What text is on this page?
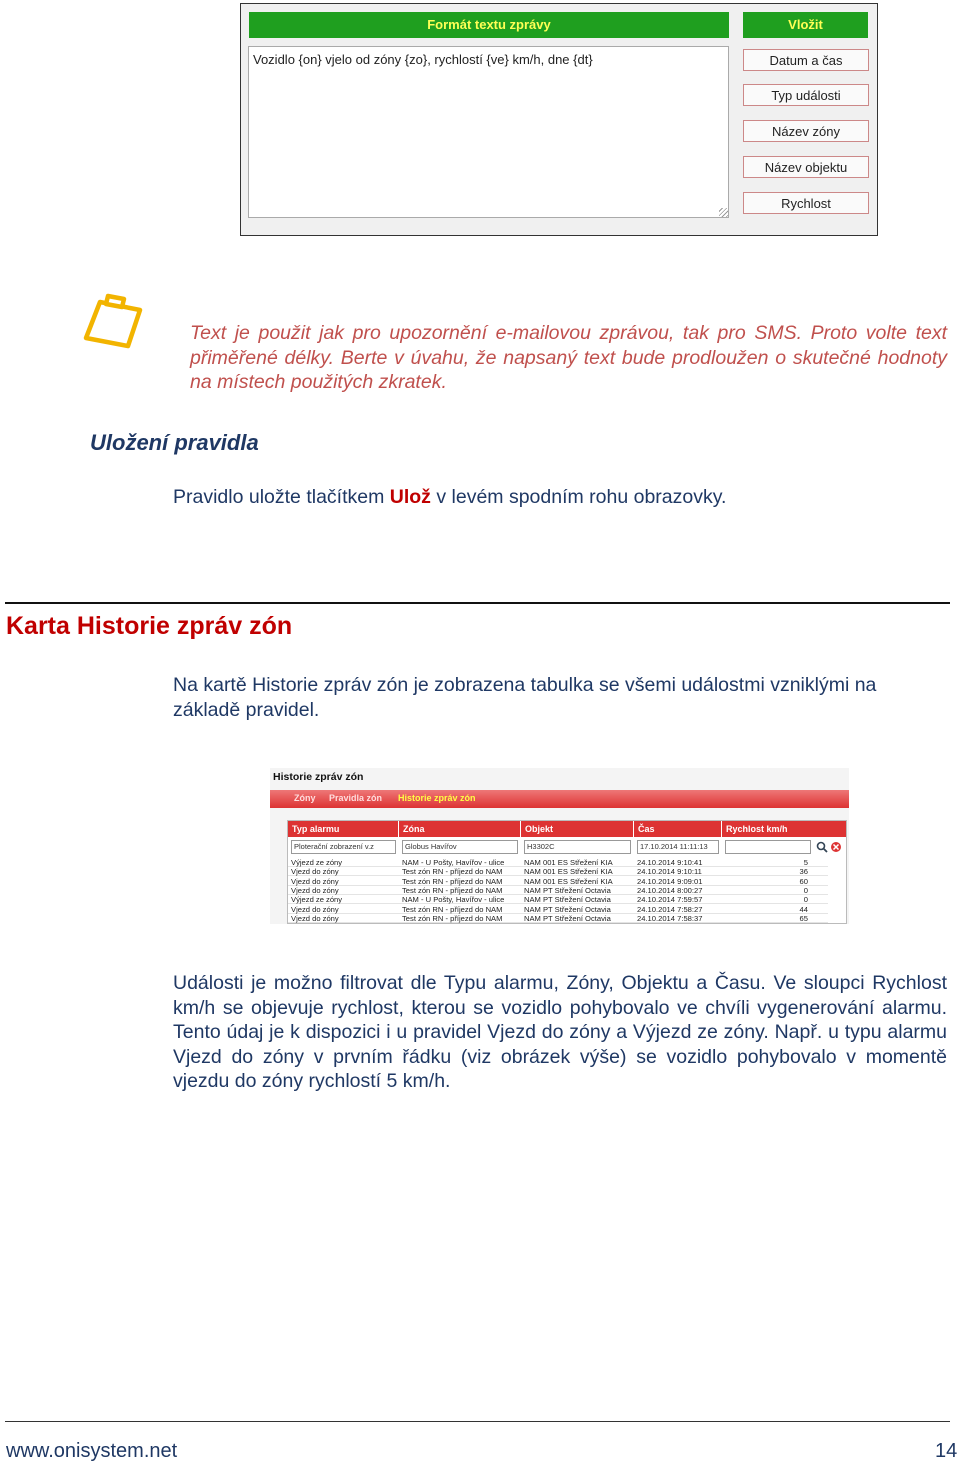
Formát textu zprávy	Vložit
Vozidlo {on} vjelo od zóny {zo}, rychlostí {ve} km/h, dne {dt}
Datum a čas
Typ události
Název zóny
Název objektu
Rychlost
Text je použit jak pro upozornění e-mailovou zprávou, tak pro SMS. Proto volte text přiměřené délky. Berte v úvahu, že napsaný text bude prodloužen o skutečné hodnoty na místech použitých zkratek.
Uložení pravidla
Pravidlo uložte tlačítkem Ulož v levém spodním rohu obrazovky.
Karta Historie zpráv zón
Na kartě Historie zpráv zón je zobrazena tabulka se všemi událostmi vzniklými na základě pravidel.
Historie zpráv zón
Zóny Pravidla zón Historie zpráv zón
Typ alarmu	Zóna	Objekt	Čas	Rychlost km/h
Ploterační zobrazení v.z	Globus Havířov	H3302C	17.10.2014 11:11:13
Výjezd ze zóny	NAM - U Pošty, Havířov - ulice	NAM 001 ES Střežení KIA	24.10.2014 9:10:41	5
Vjezd do zóny	Test zón RN - příjezd do NAM	NAM 001 ES Střežení KIA	24.10.2014 9:10:11	36
Vjezd do zóny	Test zón RN - příjezd do NAM	NAM 001 ES Střežení KIA	24.10.2014 9:09:01	60
Vjezd do zóny	Test zón RN - příjezd do NAM	NAM PT Střežení Octavia	24.10.2014 8:00:27	0
Výjezd ze zóny	NAM - U Pošty, Havířov - ulice	NAM PT Střežení Octavia	24.10.2014 7:59:57	0
Vjezd do zóny	Test zón RN - příjezd do NAM	NAM PT Střežení Octavia	24.10.2014 7:58:27	44
Vjezd do zóny	Test zón RN - příjezd do NAM	NAM PT Střežení Octavia	24.10.2014 7:58:37	65
Události je možno filtrovat dle Typu alarmu, Zóny, Objektu a Času. Ve sloupci Rychlost km/h se objevuje rychlost, kterou se vozidlo pohybovalo ve chvíli vygenerování alarmu. Tento údaj je k dispozici i u pravidel Vjezd do zóny a Výjezd ze zóny. Např. u typu alarmu Vjezd do zóny v prvním řádku (viz obrázek výše) se vozidlo pohybovalo v momentě vjezdu do zóny rychlostí 5 km/h.
www.onisystem.net	14
